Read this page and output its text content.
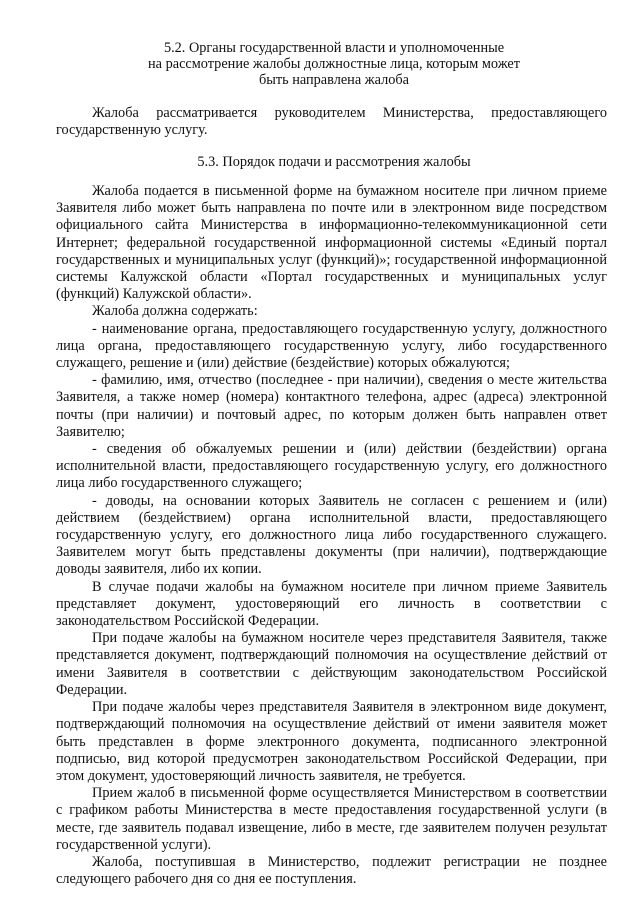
5.2. Органы государственной власти и уполномоченные
на рассмотрение жалобы должностные лица, которым может
быть направлена жалоба

Жалоба рассматривается руководителем Министерства, предоставляющего государственную услугу.

5.3. Порядок подачи и рассмотрения жалобы

Жалоба подается в письменной форме на бумажном носителе при личном приеме Заявителя либо может быть направлена по почте или в электронном виде посредством официального сайта Министерства в информационно-телекоммуникационной сети Интернет; федеральной государственной информационной системы «Единый портал государственных и муниципальных услуг (функций)»; государственной информационной системы Калужской области «Портал государственных и муниципальных услуг (функций) Калужской области».

Жалоба должна содержать:

- наименование органа, предоставляющего государственную услугу, должностного лица органа, предоставляющего государственную услугу, либо государственного служащего, решение и (или) действие (бездействие) которых обжалуются;

- фамилию, имя, отчество (последнее - при наличии), сведения о месте жительства Заявителя, а также номер (номера) контактного телефона, адрес (адреса) электронной почты (при наличии) и почтовый адрес, по которым должен быть направлен ответ Заявителю;

- сведения об обжалуемых решении и (или) действии (бездействии) органа исполнительной власти, предоставляющего государственную услугу, его должностного лица либо государственного служащего;

- доводы, на основании которых Заявитель не согласен с решением и (или) действием (бездействием) органа исполнительной власти, предоставляющего государственную услугу, его должностного лица либо государственного служащего. Заявителем могут быть представлены документы (при наличии), подтверждающие доводы заявителя, либо их копии.

В случае подачи жалобы на бумажном носителе при личном приеме Заявитель представляет документ, удостоверяющий его личность в соответствии с законодательством Российской Федерации.

При подаче жалобы на бумажном носителе через представителя Заявителя, также представляется документ, подтверждающий полномочия на осуществление действий от имени Заявителя в соответствии с действующим законодательством Российской Федерации.

При подаче жалобы через представителя Заявителя в электронном виде документ, подтверждающий полномочия на осуществление действий от имени заявителя может быть представлен в форме электронного документа, подписанного электронной подписью, вид которой предусмотрен законодательством Российской Федерации, при этом документ, удостоверяющий личность заявителя, не требуется.

Прием жалоб в письменной форме осуществляется Министерством в соответствии с графиком работы Министерства в месте предоставления государственной услуги (в месте, где заявитель подавал извещение, либо в месте, где заявителем получен результат государственной услуги).

Жалоба, поступившая в Министерство, подлежит регистрации не позднее следующего рабочего дня со дня ее поступления.
